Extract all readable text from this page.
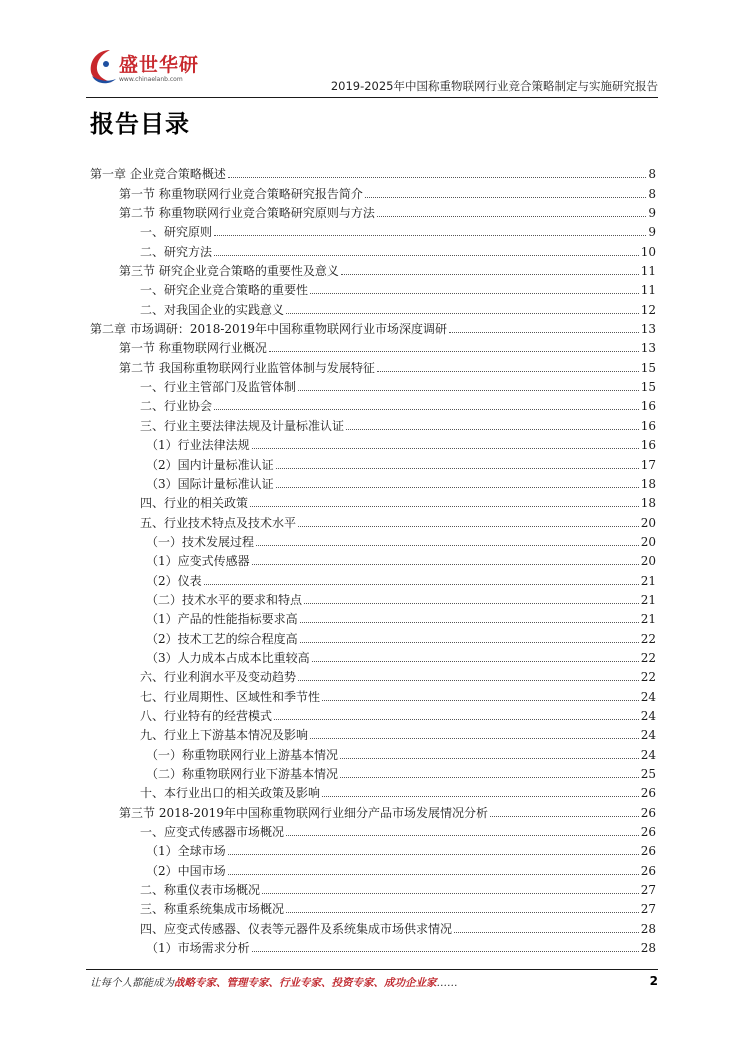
盛世华研
www.chinaelanb.com	2019-2025年中国称重物联网行业竞合策略制定与实施研究报告
报告目录
第一章 企业竞合策略概述	8
第一节 称重物联网行业竞合策略研究报告简介	8
第二节 称重物联网行业竞合策略研究原则与方法	9
一、研究原则	9
二、研究方法	10
第三节 研究企业竞合策略的重要性及意义	11
一、研究企业竞合策略的重要性	11
二、对我国企业的实践意义	12
第二章 市场调研：2018-2019年中国称重物联网行业市场深度调研	13
第一节 称重物联网行业概况	13
第二节 我国称重物联网行业监管体制与发展特征	15
一、行业主管部门及监管体制	15
二、行业协会	16
三、行业主要法律法规及计量标准认证	16
（1）行业法律法规	16
（2）国内计量标准认证	17
（3）国际计量标准认证	18
四、行业的相关政策	18
五、行业技术特点及技术水平	20
（一）技术发展过程	20
（1）应变式传感器	20
（2）仪表	21
（二）技术水平的要求和特点	21
（1）产品的性能指标要求高	21
（2）技术工艺的综合程度高	22
（3）人力成本占成本比重较高	22
六、行业利润水平及变动趋势	22
七、行业周期性、区域性和季节性	24
八、行业特有的经营模式	24
九、行业上下游基本情况及影响	24
（一）称重物联网行业上游基本情况	24
（二）称重物联网行业下游基本情况	25
十、本行业出口的相关政策及影响	26
第三节 2018-2019年中国称重物联网行业细分产品市场发展情况分析	26
一、应变式传感器市场概况	26
（1）全球市场	26
（2）中国市场	26
二、称重仪表市场概况	27
三、称重系统集成市场概况	27
四、应变式传感器、仪表等元器件及系统集成市场供求情况	28
（1）市场需求分析	28
让每个人都能成为战略专家、管理专家、行业专家、投资专家、成功企业家……	2
